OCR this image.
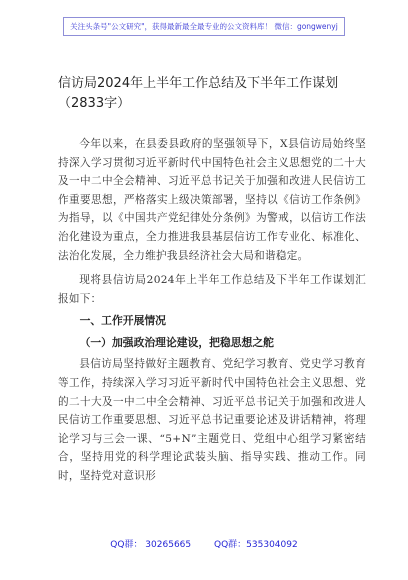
关注头条号"公文研究"，获得最新最全最专业的公文资料库！ 微信：gongwenyj
信访局2024年上半年工作总结及下半年工作谋划（2833字）

今年以来，在县委县政府的坚强领导下，X县信访局始终坚持深入学习贯彻习近平新时代中国特色社会主义思想党的二十大及一中二中全会精神、习近平总书记关于加强和改进人民信访工作重要思想，严格落实上级决策部署，坚持以《信访工作条例》为指导，以《中国共产党纪律处分条例》为警戒，以信访工作法治化建设为重点，全力推进我县基层信访工作专业化、标准化、法治化发展，全力维护我县经济社会大局和谐稳定。

现将县信访局2024年上半年工作总结及下半年工作谋划汇报如下：

一、工作开展情况
（一）加强政治理论建设，把稳思想之舵

县信访局坚持做好主题教育、党纪学习教育、党史学习教育等工作，持续深入学习习近平新时代中国特色社会主义思想、党的二十大及一中二中全会精神、习近平总书记关于加强和改进人民信访工作重要思想、习近平总书记重要论述及讲话精神，将理论学习与三会一课、“5+N”主题党日、党组中心组学习紧密结合，坚持用党的科学理论武装头脑、指导实践、推动工作。同时，坚持党对意识形

QQ群： 30265665	QQ群：535304092
